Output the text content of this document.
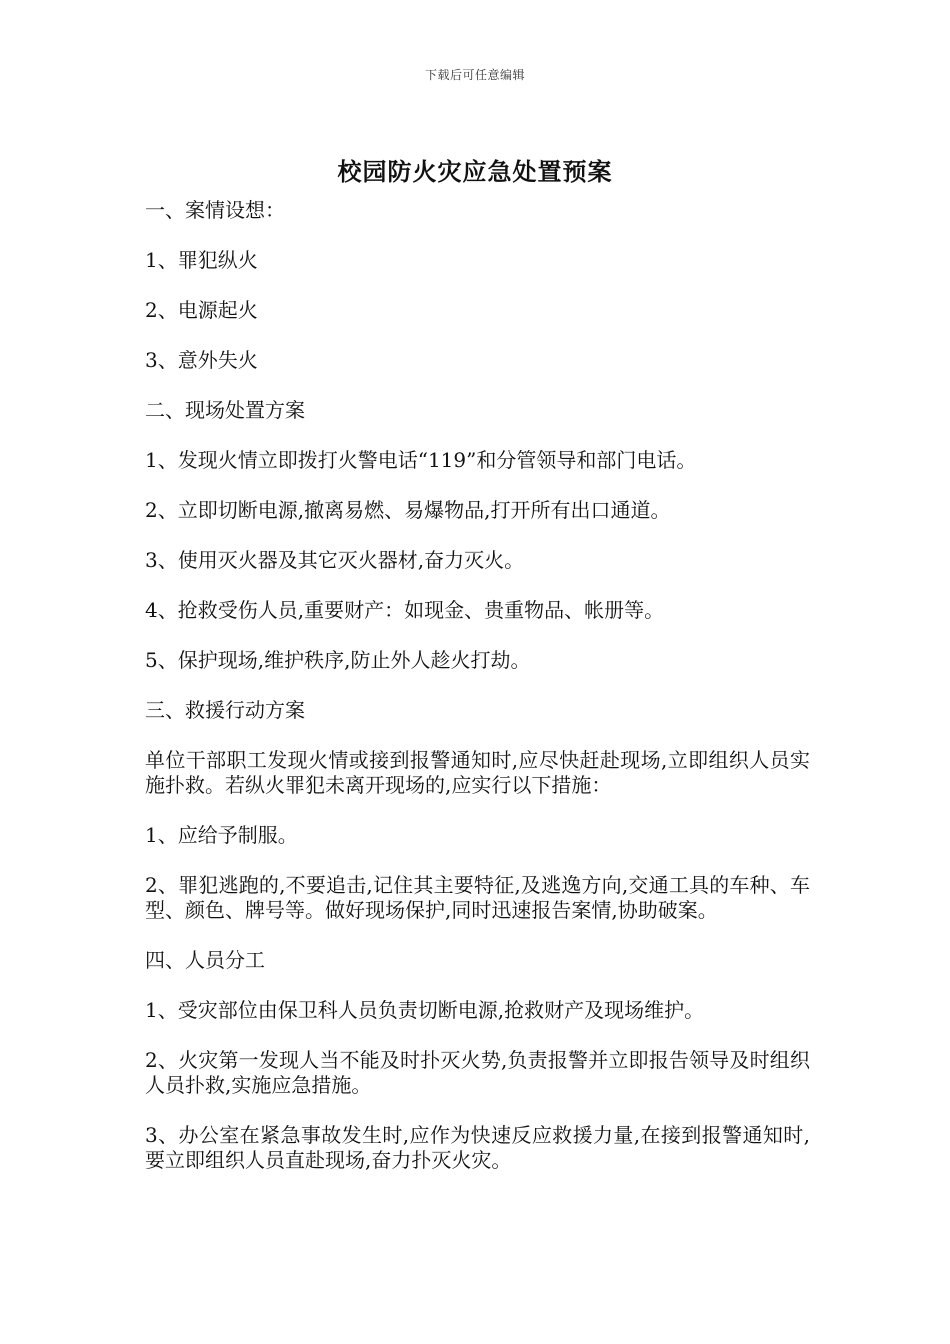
下载后可任意编辑
校园防火灾应急处置预案

一、案情设想：

1、罪犯纵火

2、电源起火

3、意外失火

二、现场处置方案

1、发现火情立即拨打火警电话“119”和分管领导和部门电话。

2、立即切断电源,撤离易燃、易爆物品,打开所有出口通道。

3、使用灭火器及其它灭火器材,奋力灭火。

4、抢救受伤人员,重要财产：如现金、贵重物品、帐册等。

5、保护现场,维护秩序,防止外人趁火打劫。

三、救援行动方案

单位干部职工发现火情或接到报警通知时,应尽快赶赴现场,立即组织人员实施扑救。若纵火罪犯未离开现场的,应实行以下措施：

1、应给予制服。

2、罪犯逃跑的,不要追击,记住其主要特征,及逃逸方向,交通工具的车种、车型、颜色、牌号等。做好现场保护,同时迅速报告案情,协助破案。

四、人员分工

1、受灾部位由保卫科人员负责切断电源,抢救财产及现场维护。

2、火灾第一发现人当不能及时扑灭火势,负责报警并立即报告领导及时组织人员扑救,实施应急措施。

3、办公室在紧急事故发生时,应作为快速反应救援力量,在接到报警通知时,要立即组织人员直赴现场,奋力扑灭火灾。
